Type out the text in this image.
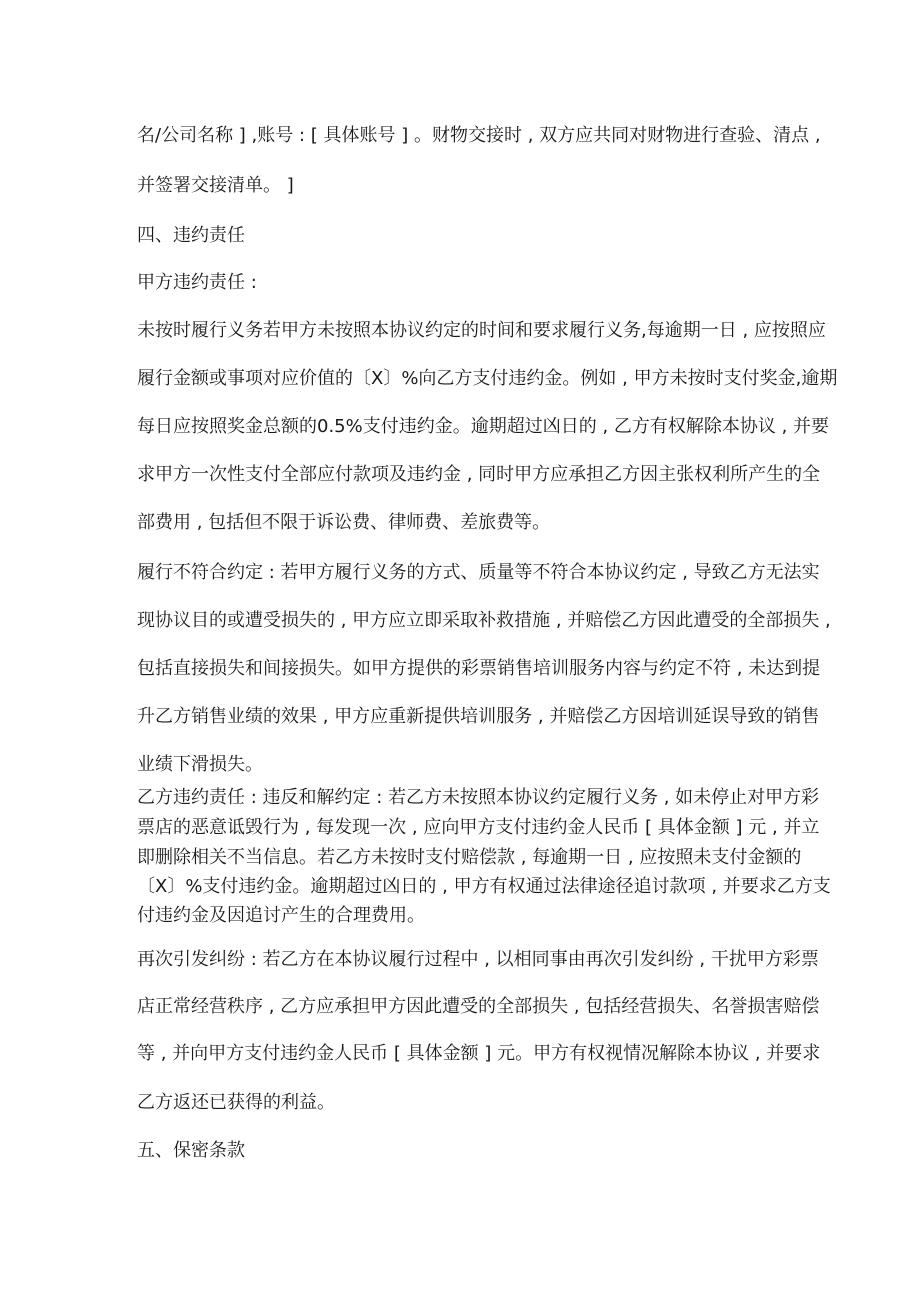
名/公司名称 ] ,账号 : [ 具体账号 ] 。财物交接时 , 双方应共同对财物进行查验、清点 ,
并签署交接清单。 ]
四、违约责任
甲方违约责任 :
未按时履行义务若甲方未按照本协议约定的时间和要求履行义务,每逾期一日 , 应按照应
履行金额或事项对应价值的〔X〕%向乙方支付违约金。例如 , 甲方未按时支付奖金,逾期
每日应按照奖金总额的0.5%支付违约金。逾期超过凶日的 , 乙方有权解除本协议 , 并要
求甲方一次性支付全部应付款项及违约金 , 同时甲方应承担乙方因主张权利所产生的全
部费用 , 包括但不限于诉讼费、律师费、差旅费等。
履行不符合约定 : 若甲方履行义务的方式、质量等不符合本协议约定 , 导致乙方无法实
现协议目的或遭受损失的 , 甲方应立即采取补救措施 , 并赔偿乙方因此遭受的全部损失 ,
包括直接损失和间接损失。如甲方提供的彩票销售培训服务内容与约定不符 , 未达到提
升乙方销售业绩的效果 , 甲方应重新提供培训服务 , 并赔偿乙方因培训延误导致的销售
业绩下滑损失。
乙方违约责任 : 违反和解约定 : 若乙方未按照本协议约定履行义务 , 如未停止对甲方彩
票店的恶意诋毁行为 , 每发现一次 , 应向甲方支付违约金人民币 [ 具体金额 ] 元 , 并立
即删除相关不当信息。若乙方未按时支付赔偿款 , 每逾期一日 , 应按照未支付金额的
〔X〕%支付违约金。逾期超过凶日的 , 甲方有权通过法律途径追讨款项 , 并要求乙方支
付违约金及因追讨产生的合理费用。
再次引发纠纷 : 若乙方在本协议履行过程中 , 以相同事由再次引发纠纷 , 干扰甲方彩票
店正常经营秩序 , 乙方应承担甲方因此遭受的全部损失 , 包括经营损失、名誉损害赔偿
等 , 并向甲方支付违约金人民币 [ 具体金额 ] 元。甲方有权视情况解除本协议 , 并要求
乙方返还已获得的利益。
五、保密条款
